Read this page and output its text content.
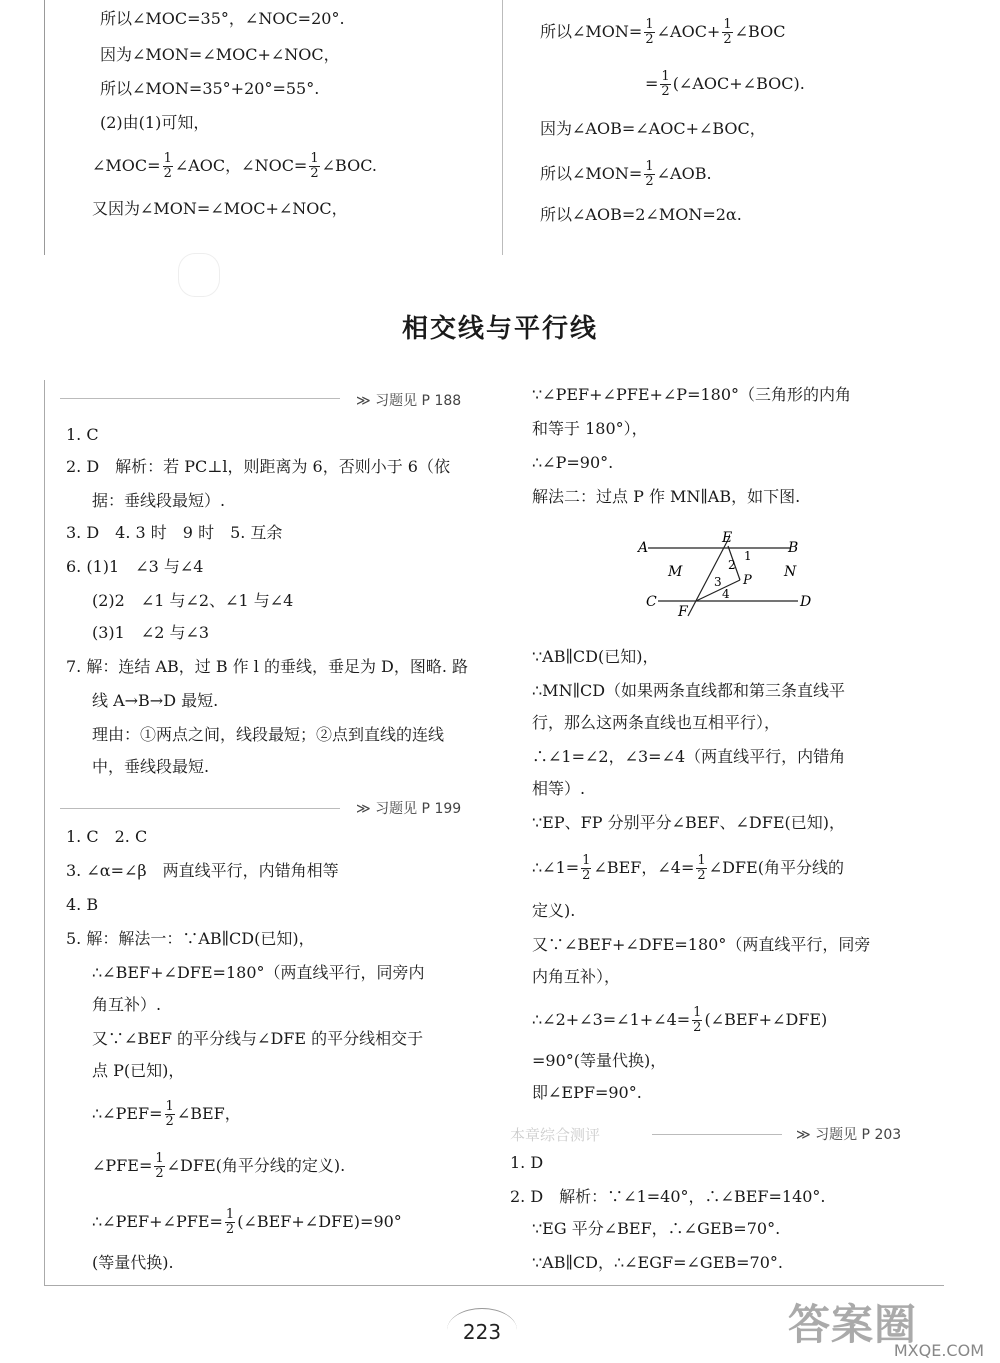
所以∠MOC=35°，∠NOC=20°.
因为∠MON=∠MOC+∠NOC，
所以∠MON=35°+20°=55°.
(2)由(1)可知，
∠MOC= $\frac{1}{2}$ ∠AOC，∠NOC= $\frac{1}{2}$ ∠BOC.
又因为∠MON=∠MOC+∠NOC，
所以∠MON= $\frac{1}{2}$ ∠AOC+ $\frac{1}{2}$ ∠BOC
= $\frac{1}{2}$ (∠AOC+∠BOC).
因为∠AOB=∠AOC+∠BOC，
所以∠MON= $\frac{1}{2}$ ∠AOB.
所以∠AOB=2∠MON=2α.
相交线与平行线
≫ 习题见 P 188
1. C
2. D　解析：若 PC⊥l，则距离为 6，否则小于 6（依
据：垂线段最短）.
3. D　4. 3 时　9 时　5. 互余
6. (1)1　∠3 与∠4
(2)2　∠1 与∠2、∠1 与∠4
(3)1　∠2 与∠3
7. 解：连结 AB，过 B 作 l 的垂线，垂足为 D，图略. 路
线 A→B→D 最短.
理由：①两点之间，线段最短；②点到直线的连线
中，垂线段最短.
≫ 习题见 P 199
1. C　2. C
3. ∠α=∠β　两直线平行，内错角相等
4. B
5. 解：解法一：∵AB∥CD(已知)，
∴∠BEF+∠DFE=180°（两直线平行，同旁内
角互补）.
又∵∠BEF 的平分线与∠DFE 的平分线相交于
点 P(已知)，
∴∠PEF= $\frac{1}{2}$ ∠BEF，
∠PFE= $\frac{1}{2}$ ∠DFE(角平分线的定义).
∴∠PEF+∠PFE= $\frac{1}{2}$ (∠BEF+∠DFE)=90°
(等量代换).
∵∠PEF+∠PFE+∠P=180°（三角形的内角
和等于 180°），
∴∠P=90°.
解法二：过点 P 作 MN∥AB，如下图.
A	B
C	D
E
F
M	N
P
1
2
3
4
∵AB∥CD(已知)，
∴MN∥CD（如果两条直线都和第三条直线平
行，那么这两条直线也互相平行），
∴∠1=∠2，∠3=∠4（两直线平行，内错角
相等）.
∵EP、FP 分别平分∠BEF、∠DFE(已知)，
∴∠1= $\frac{1}{2}$ ∠BEF，∠4= $\frac{1}{2}$ ∠DFE(角平分线的
定义).
又∵∠BEF+∠DFE=180°（两直线平行，同旁
内角互补），
∴∠2+∠3=∠1+∠4= $\frac{1}{2}$ (∠BEF+∠DFE)
=90°(等量代换)，
即∠EPF=90°.
本章综合测评	≫ 习题见 P 203
1. D
2. D　解析：∵∠1=40°，∴∠BEF=140°.
∵EG 平分∠BEF，∴∠GEB=70°.
∵AB∥CD，∴∠EGF=∠GEB=70°.
223	答案圈
MXQE.COM
